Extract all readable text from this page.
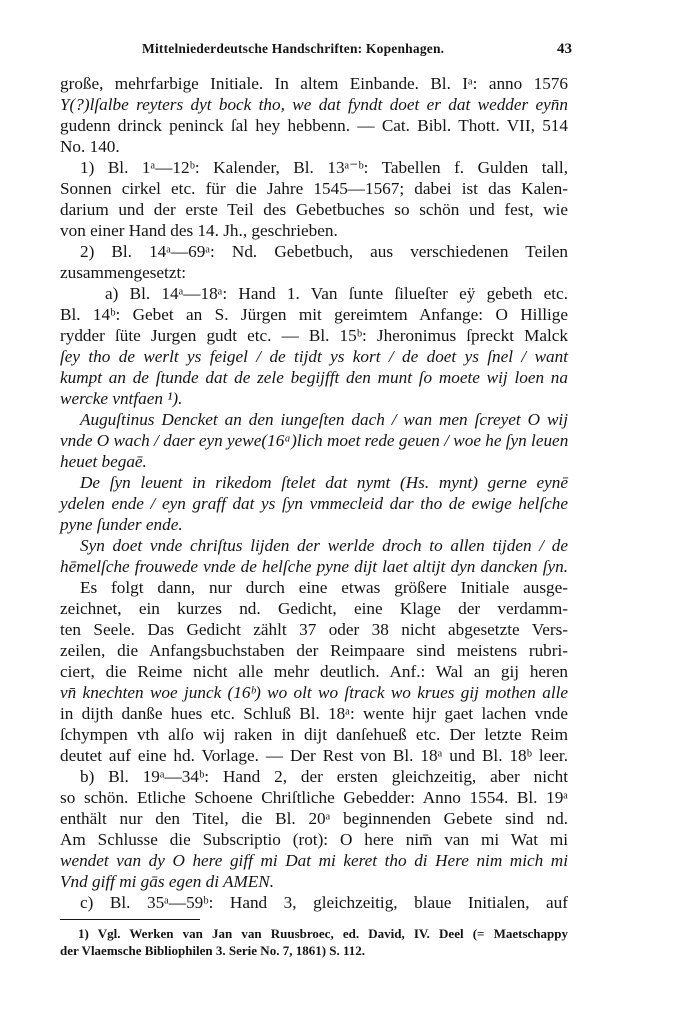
Mittelniederdeutsche Handschriften: Kopenhagen.	43
große, mehrfarbige Initiale. In altem Einbande. Bl. Iᵃ: anno 1576
Y(?)lſalbe reyters dyt bock tho, we dat fyndt doet er dat wedder eyn̄n
gudenn drinck peninck ſal hey hebbenn. — Cat. Bibl. Thott. VII, 514
No. 140.
1) Bl. 1ᵃ—12ᵇ: Kalender, Bl. 13ᵃ⁻ᵇ: Tabellen f. Gulden tall,
Sonnen cirkel etc. für die Jahre 1545—1567; dabei ist das Kalen-
darium und der erste Teil des Gebetbuches so schön und fest, wie
von einer Hand des 14. Jh., geschrieben.
2) Bl. 14ᵃ—69ᵃ: Nd. Gebetbuch, aus verschiedenen Teilen
zusammengesetzt:
a) Bl. 14ᵃ—18ᵃ: Hand 1. Van ſunte ſilueſter eӱ gebeth etc.
Bl. 14ᵇ: Gebet an S. Jürgen mit gereimtem Anfange: O Hillige
rydder ſüte Jurgen gudt etc. — Bl. 15ᵇ: Jheronimus ſpreckt Malck
ſey tho de werlt ys feigel / de tijdt ys kort / de doet ys ſnel / want
kumpt an de ſtunde dat de zele begijfft den munt ſo moete wij loen na
wercke vntfaen ¹).
Auguſtinus Dencket an den iungeſten dach / wan men ſcreyet O wij
vnde O wach / daer eyn yewe(16ᵃ)lich moet rede geuen / woe he ſyn leuen
heuet begaē.
De ſyn leuent in rikedom ſtelet dat nymt (Hs. mynt) gerne eynē
ydelen ende / eyn graff dat ys ſyn vmmecleid dar tho de ewige helſche
pyne ſunder ende.
Syn doet vnde chriſtus lijden der werlde droch to allen tijden / de
hēmelſche frouwede vnde de helſche pyne dijt laet altijt dyn dancken ſyn.
Es folgt dann, nur durch eine etwas größere Initiale ausge-
zeichnet, ein kurzes nd. Gedicht, eine Klage der verdamm-
ten Seele. Das Gedicht zählt 37 oder 38 nicht abgesetzte Vers-
zeilen, die Anfangsbuchstaben der Reimpaare sind meistens rubri-
ciert, die Reime nicht alle mehr deutlich. Anf.: Wal an gij heren
vn̄ knechten woe junck (16ᵇ) wo olt wo ſtrack wo krues gij mothen alle
in dijth danße hues etc. Schluß Bl. 18ᵃ: wente hijr gaet lachen vnde
ſchympen vth alſo wij raken in dijt danſehueß etc. Der letzte Reim
deutet auf eine hd. Vorlage. — Der Rest von Bl. 18ᵃ und Bl. 18ᵇ leer.
b) Bl. 19ᵃ—34ᵇ: Hand 2, der ersten gleichzeitig, aber nicht
so schön. Etliche Schoene Chriſtliche Gebedder: Anno 1554. Bl. 19ᵃ
enthält nur den Titel, die Bl. 20ᵃ beginnenden Gebete sind nd.
Am Schlusse die Subscriptio (rot): O here nim̄ van mi Wat mi
wendet van dy O here giff mi Dat mi keret tho di Here nim mich mi
Vnd giff mi gās egen di AMEN.
c) Bl. 35ᵃ—59ᵇ: Hand 3, gleichzeitig, blaue Initialen, auf
1) Vgl. Werken van Jan van Ruusbroec, ed. David, IV. Deel (= Maetschappy
der Vlaemsche Bibliophilen 3. Serie No. 7, 1861) S. 112.
